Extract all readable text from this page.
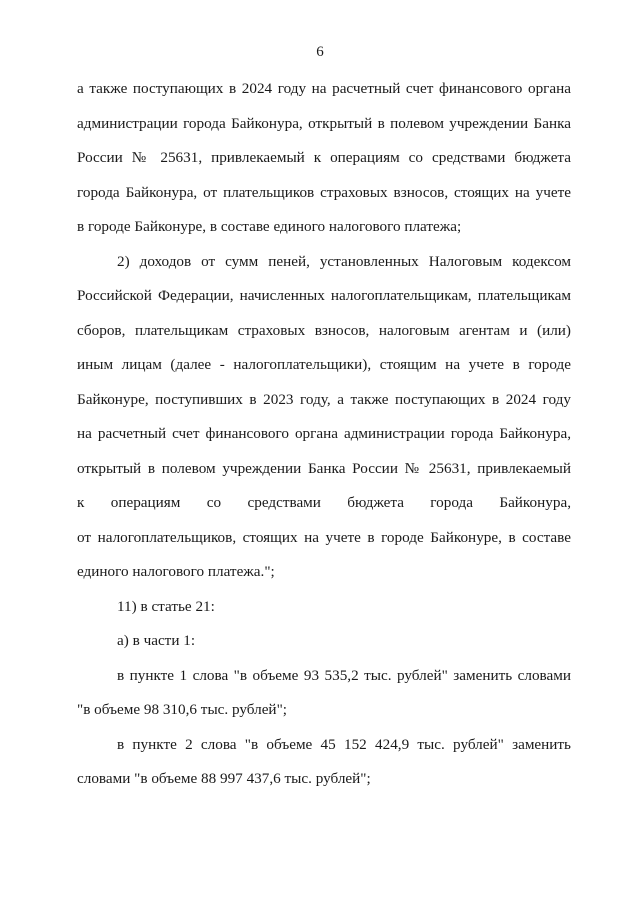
6
а также поступающих в 2024 году на расчетный счет финансового органа
администрации города Байконура, открытый в полевом учреждении Банка
России № 25631, привлекаемый к операциям со средствами бюджета
города Байконура, от плательщиков страховых взносов, стоящих на учете
в городе Байконуре, в составе единого налогового платежа;
2) доходов от сумм пеней, установленных Налоговым кодексом
Российской Федерации, начисленных налогоплательщикам, плательщикам
сборов, плательщикам страховых взносов, налоговым агентам и (или)
иным лицам (далее - налогоплательщики), стоящим на учете в городе
Байконуре, поступивших в 2023 году, а также поступающих в 2024 году
на расчетный счет финансового органа администрации города Байконура,
открытый в полевом учреждении Банка России № 25631, привлекаемый
к операциям со средствами бюджета города Байконура,
от налогоплательщиков, стоящих на учете в городе Байконуре, в составе
единого налогового платежа.";
11) в статье 21:
а) в части 1:
в пункте 1 слова "в объеме 93 535,2 тыс. рублей" заменить словами
"в объеме 98 310,6 тыс. рублей";
в пункте 2 слова "в объеме 45 152 424,9 тыс. рублей" заменить
словами "в объеме 88 997 437,6 тыс. рублей";
